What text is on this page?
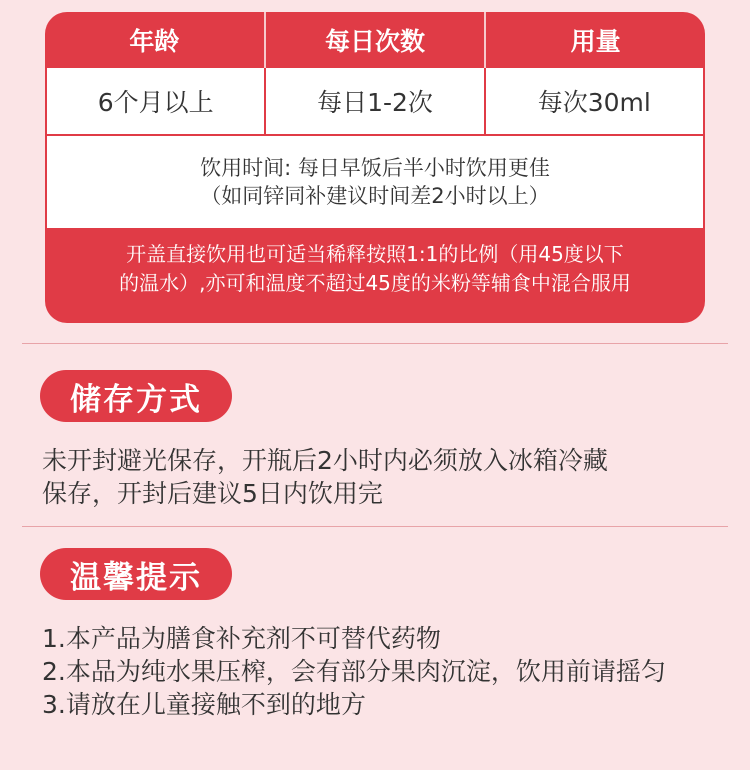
年龄	每日次数	用量
6个月以上	每日1-2次	每次30ml
饮用时间: 每日早饭后半小时饮用更佳
（如同锌同补建议时间差2小时以上）
开盖直接饮用也可适当稀释按照1:1的比例（用45度以下
的温水）,亦可和温度不超过45度的米粉等辅食中混合服用
储存方式
未开封避光保存，开瓶后2小时内必须放入冰箱冷藏
保存，开封后建议5日内饮用完
温馨提示
1.本产品为膳食补充剂不可替代药物
2.本品为纯水果压榨，会有部分果肉沉淀，饮用前请摇匀
3.请放在儿童接触不到的地方
